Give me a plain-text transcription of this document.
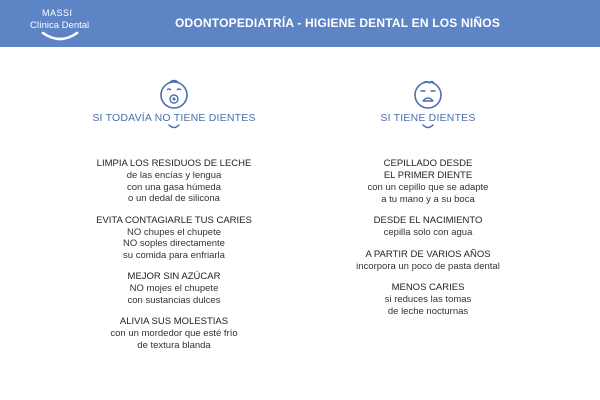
MASSI
Clínica Dental	ODONTOPEDIATRÍA - HIGIENE DENTAL EN LOS NIÑOS
SI TODAVÍA NO TIENE DIENTES
LIMPIA LOS RESIDUOS DE LECHE
de las encías y lengua
con una gasa húmeda
o un dedal de silicona
EVITA CONTAGIARLE TUS CARIES
NO chupes el chupete
NO soples directamente
su comida para enfriarla
MEJOR SIN AZÚCAR
NO mojes el chupete
con sustancias dulces
ALIVIA SUS MOLESTIAS
con un mordedor que esté frío
de textura blanda
SI TIENE DIENTES
CEPILLADO DESDE
EL PRIMER DIENTE
con un cepillo que se adapte
a tu mano y a su boca
DESDE EL NACIMIENTO
cepilla solo con agua
A PARTIR DE VARIOS AÑOS
incorpora un poco de pasta dental
MENOS CARIES
si reduces las tomas
de leche nocturnas
